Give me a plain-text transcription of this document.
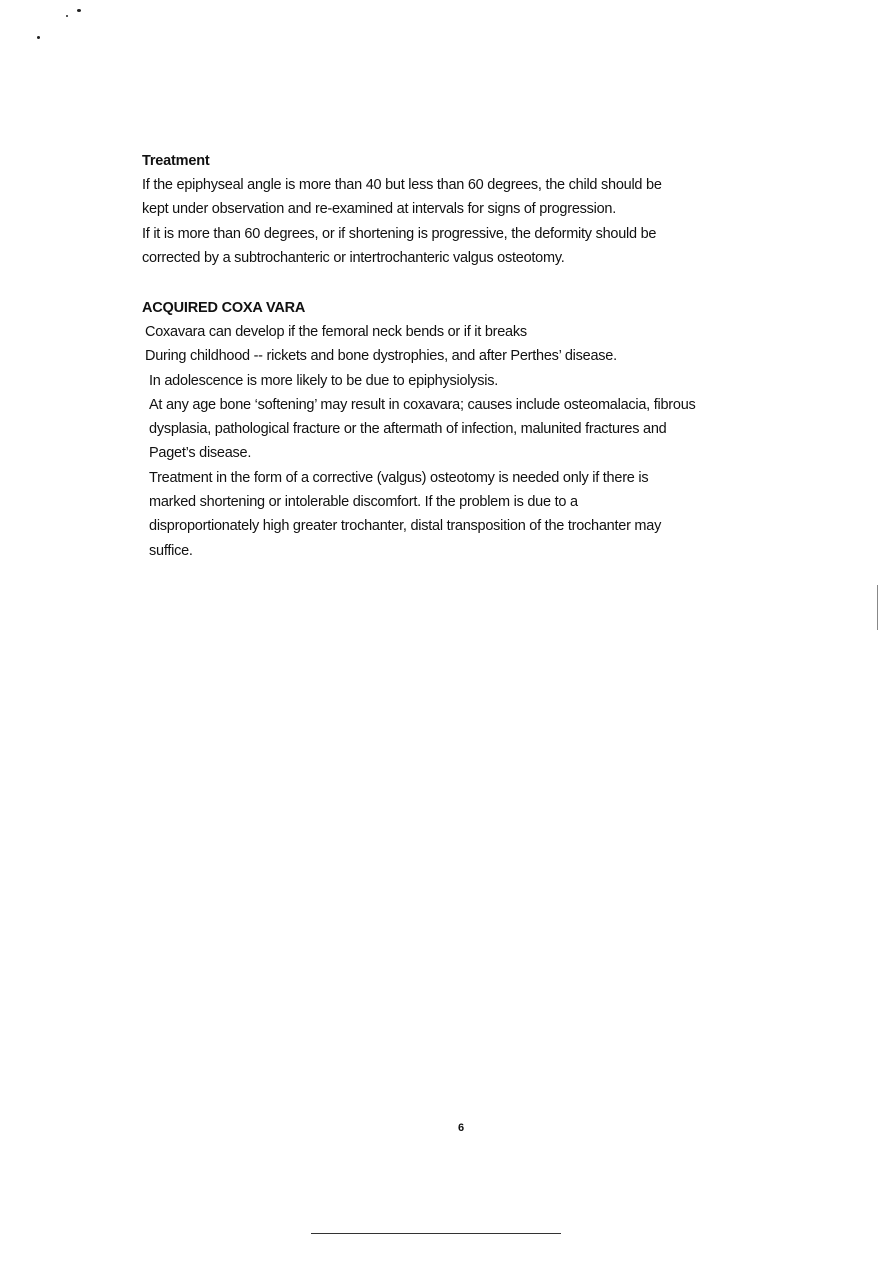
Treatment

If the epiphyseal angle is more than 40 but less than 60 degrees, the child should be

kept under observation and re-examined at intervals for signs of progression.

If it is more than 60 degrees, or if shortening is progressive, the deformity should be

corrected by a subtrochanteric or intertrochanteric valgus osteotomy.

ACQUIRED COXA VARA

Coxavara can develop if the femoral neck bends or if it breaks

During childhood -- rickets and bone dystrophies, and after Perthes’ disease.

In adolescence is more likely to be due to epiphysiolysis.

At any age bone ‘softening’ may result in coxavara; causes include osteomalacia, fibrous

dysplasia, pathological fracture or the aftermath of infection, malunited fractures and

Paget’s disease.

Treatment in the form of a corrective (valgus) osteotomy is needed only if there is

marked shortening or intolerable discomfort. If the problem is due to a

disproportionately high greater trochanter, distal transposition of the trochanter may

suffice.

6
